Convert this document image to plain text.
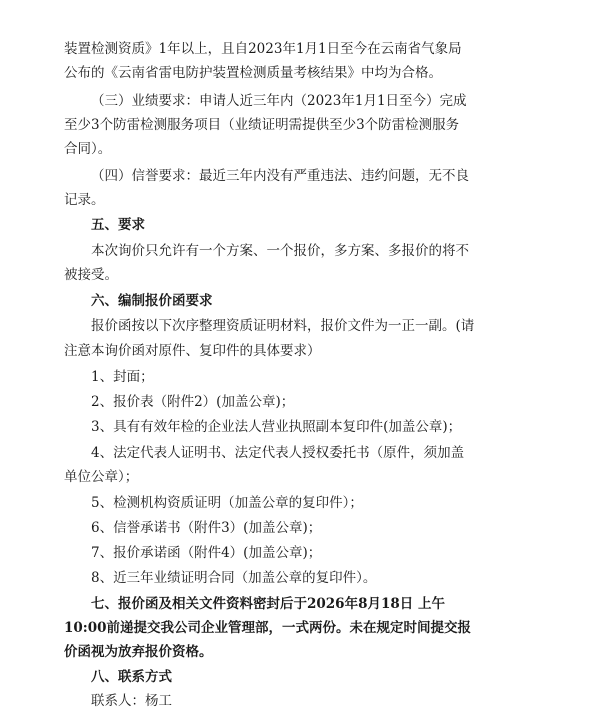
装置检测资质》1年以上，且自2023年1月1日至今在云南省气象局
公布的《云南省雷电防护装置检测质量考核结果》中均为合格。
（三）业绩要求：申请人近三年内（2023年1月1日至今）完成
至少3个防雷检测服务项目（业绩证明需提供至少3个防雷检测服务
合同）。
（四）信誉要求：最近三年内没有严重违法、违约问题，无不良
记录。
五、要求
本次询价只允许有一个方案、一个报价，多方案、多报价的将不
被接受。
六、编制报价函要求
报价函按以下次序整理资质证明材料，报价文件为一正一副。(请
注意本询价函对原件、复印件的具体要求）
1、封面；
2、报价表（附件2）(加盖公章)；
3、具有有效年检的企业法人营业执照副本复印件(加盖公章)；
4、法定代表人证明书、法定代表人授权委托书（原件，须加盖
单位公章）；
5、检测机构资质证明（加盖公章的复印件）；
6、信誉承诺书（附件3）(加盖公章)；
7、报价承诺函（附件4）(加盖公章)；
8、近三年业绩证明合同（加盖公章的复印件）。
七、报价函及相关文件资料密封后于2026年8月18日 上午
10:00前递提交我公司企业管理部，一式两份。未在规定时间提交报
价函视为放弃报价资格。
八、联系方式
联系人：杨工
